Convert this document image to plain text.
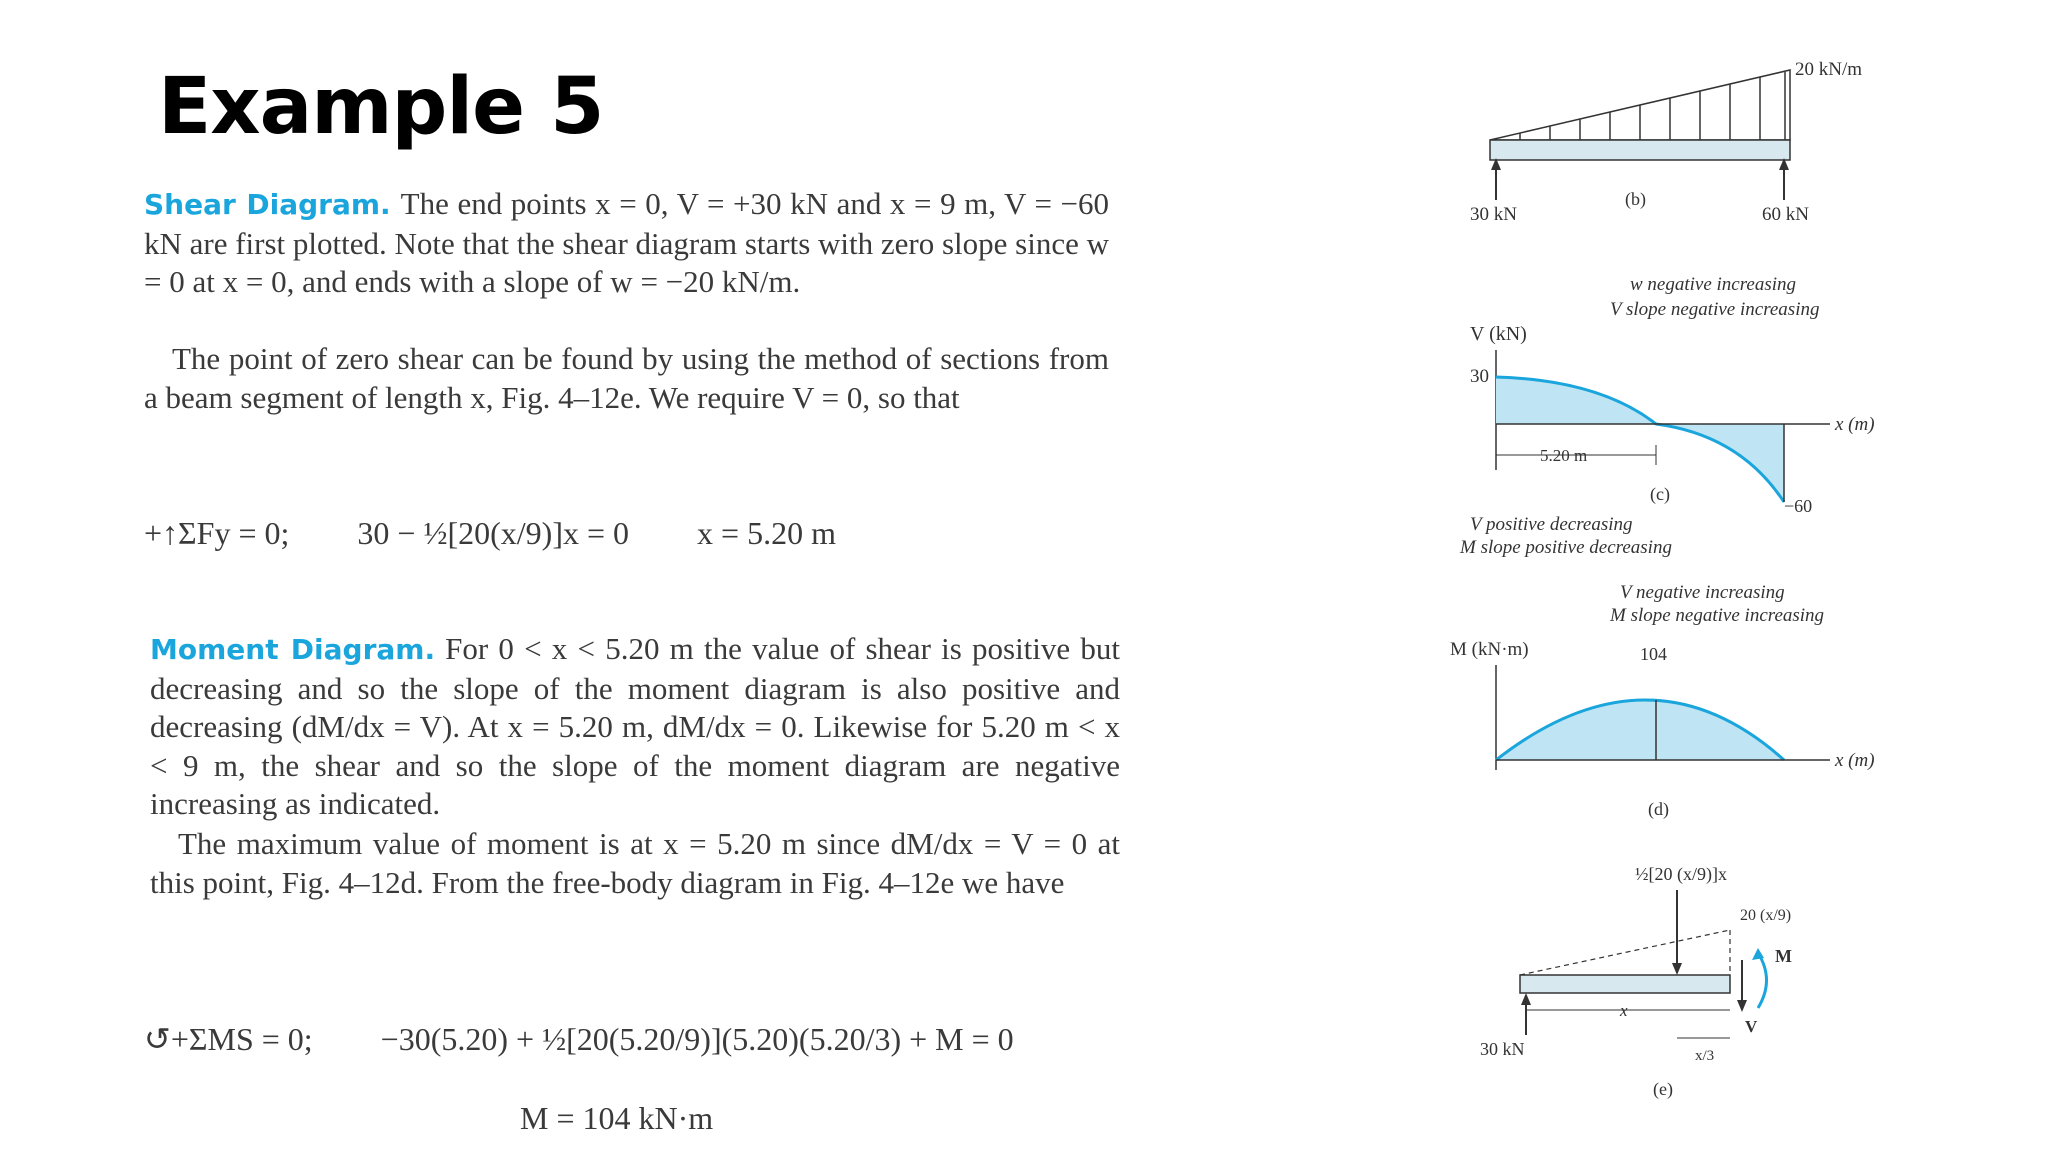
Example 5

Shear Diagram. The end points x = 0, V = +30 kN and x = 9 m, V = −60 kN are first plotted. Note that the shear diagram starts with zero slope since w = 0 at x = 0, and ends with a slope of w = −20 kN/m.

The point of zero shear can be found by using the method of sections from a beam segment of length x, Fig. 4–12e. We require V = 0, so that

+↑ΣFy = 0; 30 − ½[20(x/9)]x = 0 x = 5.20 m

Moment Diagram. For 0 < x < 5.20 m the value of shear is positive but decreasing and so the slope of the moment diagram is also positive and decreasing (dM/dx = V). At x = 5.20 m, dM/dx = 0. Likewise for 5.20 m < x < 9 m, the shear and so the slope of the moment diagram are negative increasing as indicated.

The maximum value of moment is at x = 5.20 m since dM/dx = V = 0 at this point, Fig. 4–12d. From the free-body diagram in Fig. 4–12e we have

↺+ΣMS = 0; −30(5.20) + ½[20(5.20/9)](5.20)(5.20/3) + M = 0
M = 104 kN·m
20 kN/m
30 kN	60 kN
(b)
w negative increasing
V slope negative increasing
V (kN)
30
−60
x (m)
5.20 m
(c)
V positive decreasing
M slope positive decreasing
V negative increasing
M slope negative increasing
M (kN·m)	104
x (m)
(d)
½[20 (x/9)]x
20 (x/9)
M
V
x
x/3
30 kN
(e)
